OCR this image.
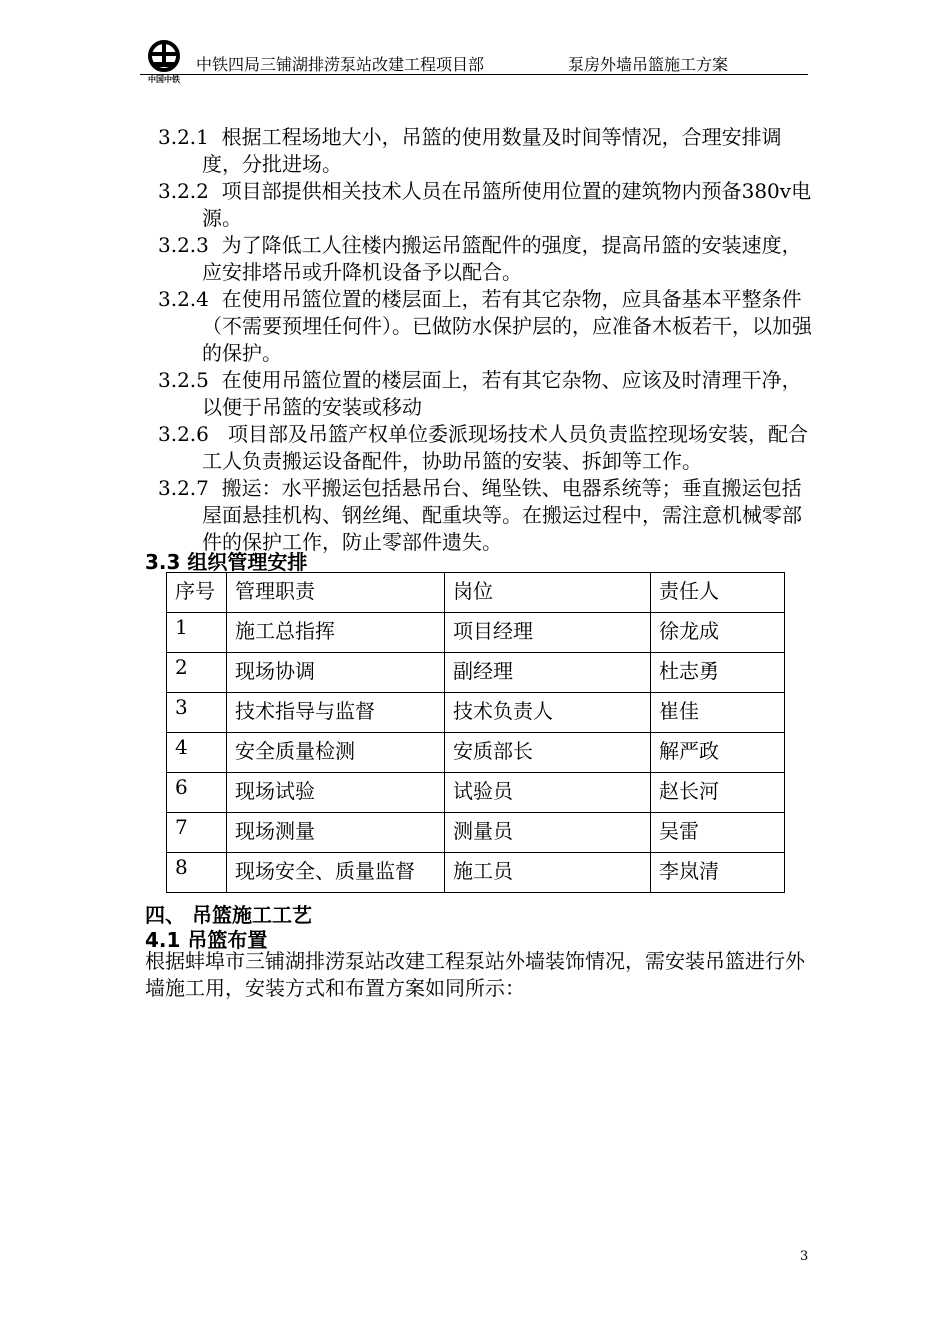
中国中铁
中铁四局三铺湖排涝泵站改建工程项目部	泵房外墙吊篮施工方案

3.2.1 根据工程场地大小，吊篮的使用数量及时间等情况，合理安排调度，分批进场。

3.2.2 项目部提供相关技术人员在吊篮所使用位置的建筑物内预备380v电源。

3.2.3 为了降低工人往楼内搬运吊篮配件的强度，提高吊篮的安装速度，应安排塔吊或升降机设备予以配合。

3.2.4 在使用吊篮位置的楼层面上，若有其它杂物，应具备基本平整条件（不需要预埋任何件）。已做防水保护层的，应准备木板若干，以加强的保护。

3.2.5 在使用吊篮位置的楼层面上，若有其它杂物、应该及时清理干净，以便于吊篮的安装或移动

3.2.6   项目部及吊篮产权单位委派现场技术人员负责监控现场安装，配合工人负责搬运设备配件，协助吊篮的安装、拆卸等工作。

3.2.7 搬运：水平搬运包括悬吊台、绳坠铁、电器系统等；垂直搬运包括屋面悬挂机构、钢丝绳、配重块等。在搬运过程中，需注意机械零部件的保护工作，防止零部件遗失。

3.3 组织管理安排
序号	管理职责	岗位	责任人
1	施工总指挥	项目经理	徐龙成
2	现场协调	副经理	杜志勇
3	技术指导与监督	技术负责人	崔佳
4	安全质量检测	安质部长	解严政
6	现场试验	试验员	赵长河
7	现场测量	测量员	吴雷
8	现场安全、质量监督	施工员	李岚清
四、 吊篮施工工艺
4.1 吊篮布置

根据蚌埠市三铺湖排涝泵站改建工程泵站外墙装饰情况，需安装吊篮进行外墙施工用，安装方式和布置方案如同所示：

3
